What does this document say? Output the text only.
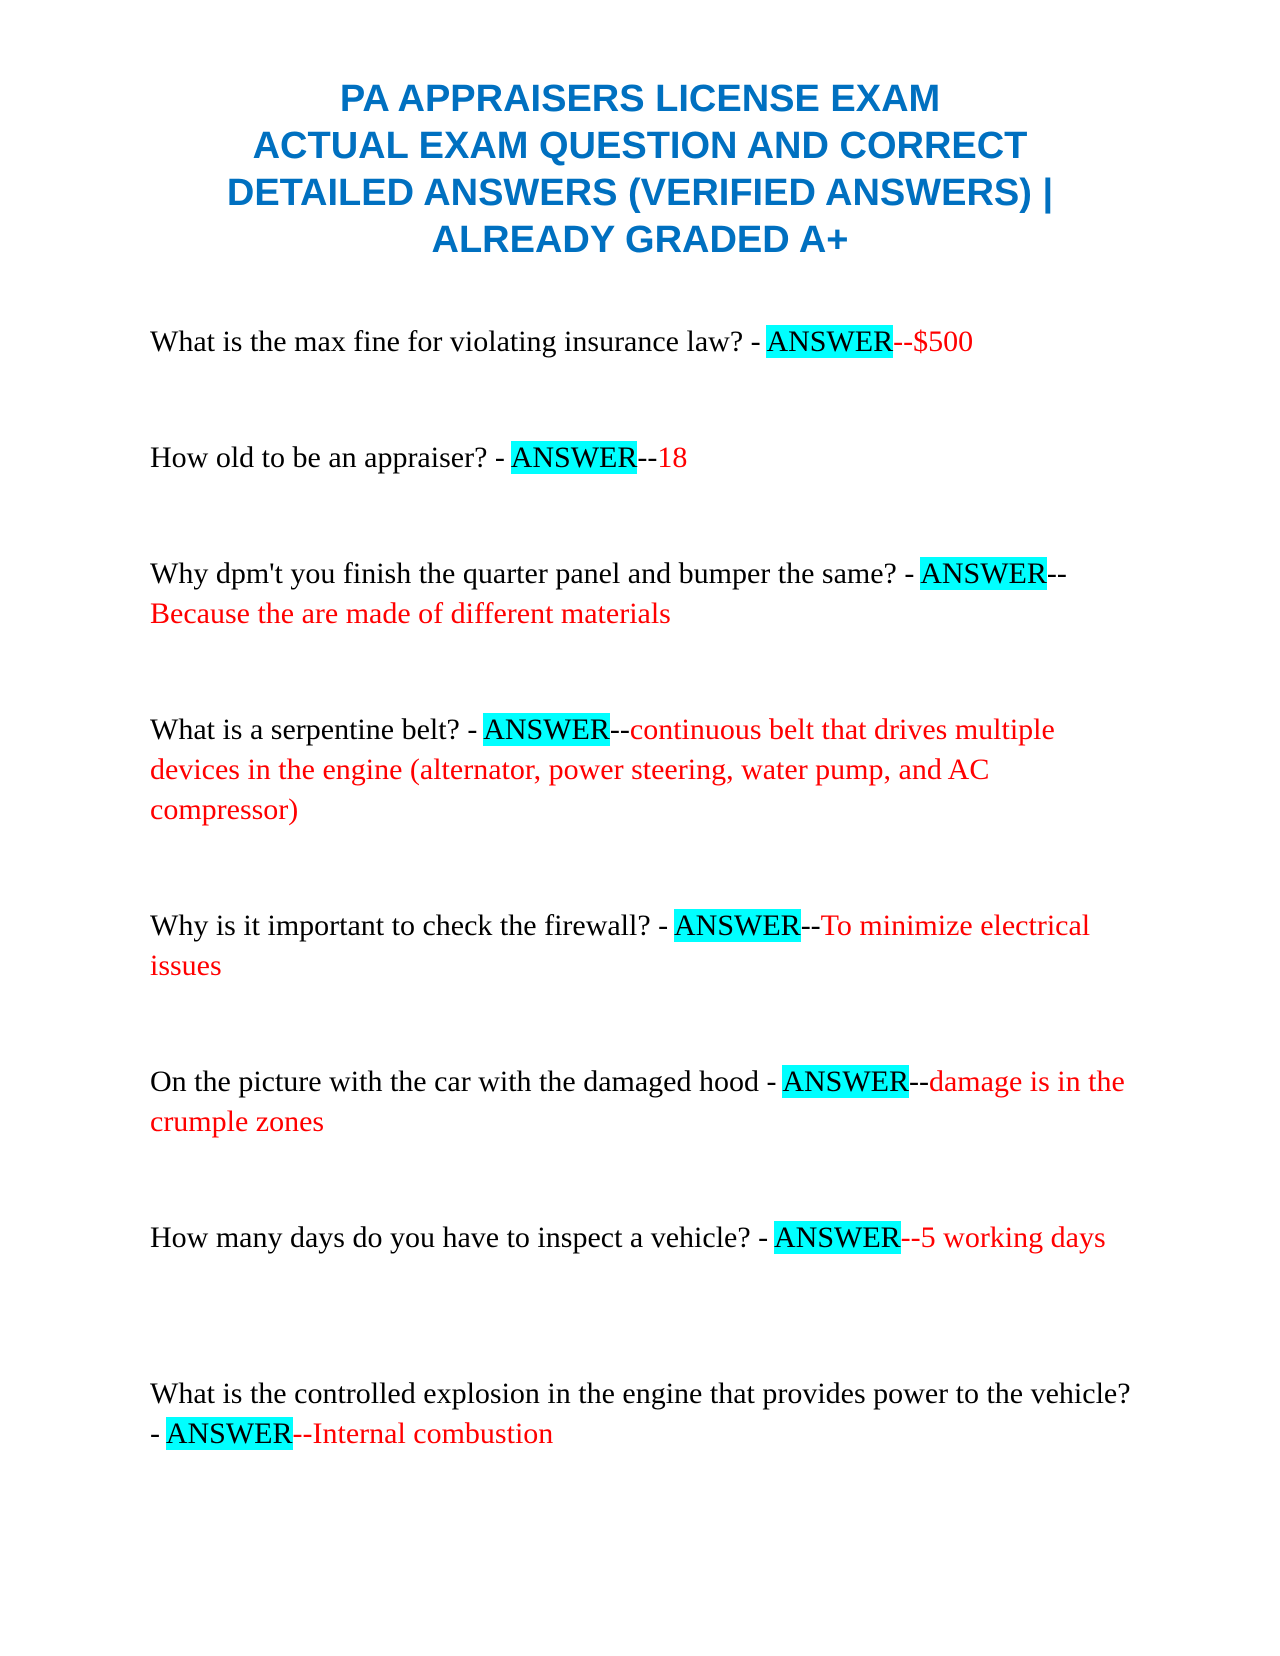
PA APPRAISERS LICENSE EXAM
ACTUAL EXAM QUESTION AND CORRECT
DETAILED ANSWERS (VERIFIED ANSWERS) |
ALREADY GRADED A+
What is the max fine for violating insurance law? - ANSWER--$500
How old to be an appraiser? - ANSWER--18
Why dpm't you finish the quarter panel and bumper the same? - ANSWER--Because the are made of different materials
What is a serpentine belt? - ANSWER--continuous belt that drives multiple devices in the engine (alternator, power steering, water pump, and AC compressor)
Why is it important to check the firewall? - ANSWER--To minimize electrical issues
On the picture with the car with the damaged hood - ANSWER--damage is in the crumple zones
How many days do you have to inspect a vehicle? - ANSWER--5 working days
What is the controlled explosion in the engine that provides power to the vehicle? - ANSWER--Internal combustion
